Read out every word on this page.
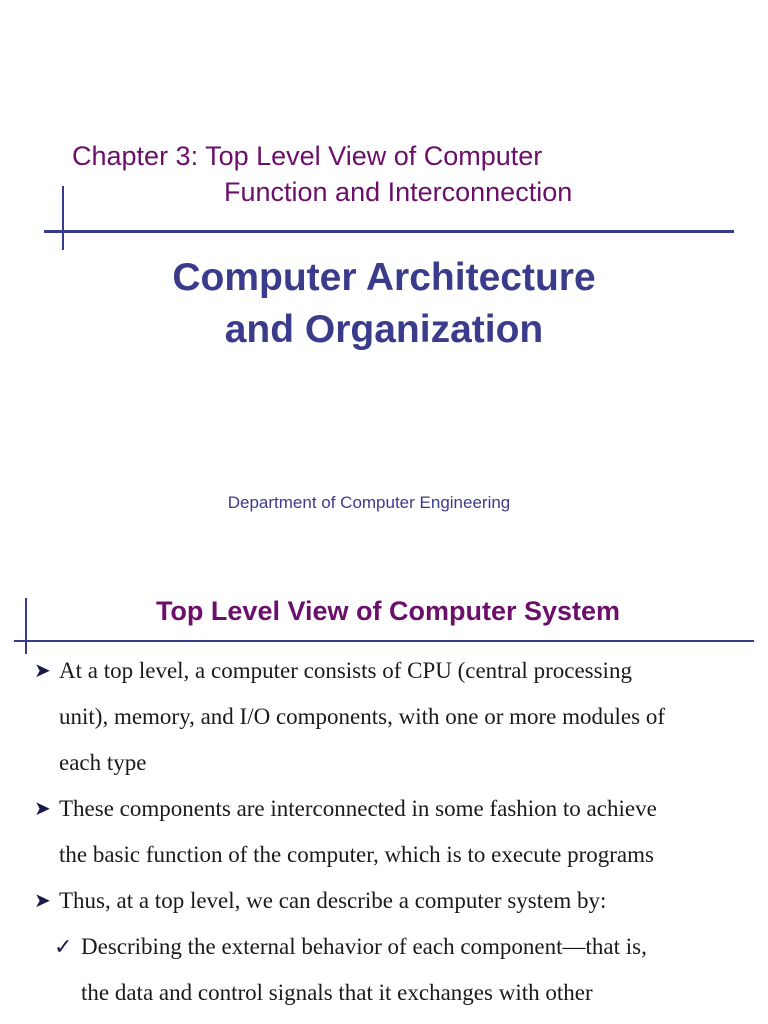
Chapter 3: Top Level View of Computer
Function and Interconnection
Computer Architecture
and Organization
Department of Computer Engineering
Top Level View of Computer System
➤ At a top level, a computer consists of CPU (central processing
unit), memory, and I/O components, with one or more modules of
each type
➤ These components are interconnected in some fashion to achieve
the basic function of the computer, which is to execute programs
➤ Thus, at a top level, we can describe a computer system by:
✓ Describing the external behavior of each component—that is,
the data and control signals that it exchanges with other
